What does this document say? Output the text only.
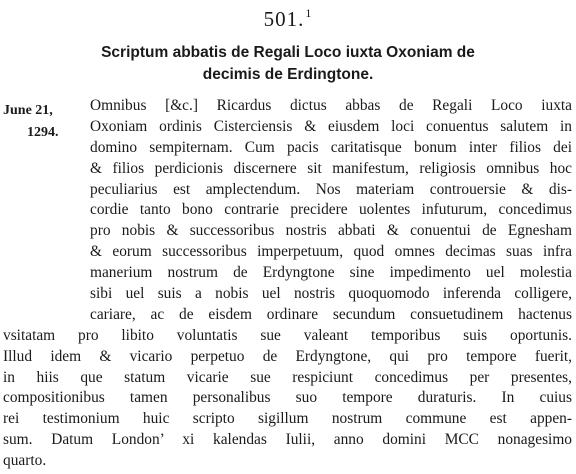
501.$^1$
Scriptum abbatis de Regali Loco iuxta Oxoniam de
decimis de Erdingtone.
June 21,
1294.
Omnibus [&c.] Ricardus dictus abbas de Regali Loco iuxta
Oxoniam ordinis Cisterciensis & eiusdem loci conuentus salutem in
domino sempiternam. Cum pacis caritatisque bonum inter filios dei
& filios perdicionis discernere sit manifestum, religiosis omnibus hoc
peculiarius est amplectendum. Nos materiam controuersie & dis-
cordie tanto bono contrarie precidere uolentes infuturum, concedimus
pro nobis & successoribus nostris abbati & conuentui de Egnesham
& eorum successoribus imperpetuum, quod omnes decimas suas infra
manerium nostrum de Erdyngtone sine impedimento uel molestia
sibi uel suis a nobis uel nostris quoquomodo inferenda colligere,
cariare, ac de eisdem ordinare secundum consuetudinem hactenus
vsitatam pro libito voluntatis sue valeant temporibus suis oportunis.
Illud idem & vicario perpetuo de Erdyngtone, qui pro tempore fuerit,
in hiis que statum vicarie sue respiciunt concedimus per presentes,
compositionibus tamen personalibus suo tempore duraturis. In cuius
rei testimonium huic scripto sigillum nostrum commune est appen-
sum. Datum London’ xi kalendas Iulii, anno domini MCC nonagesimo
quarto.
